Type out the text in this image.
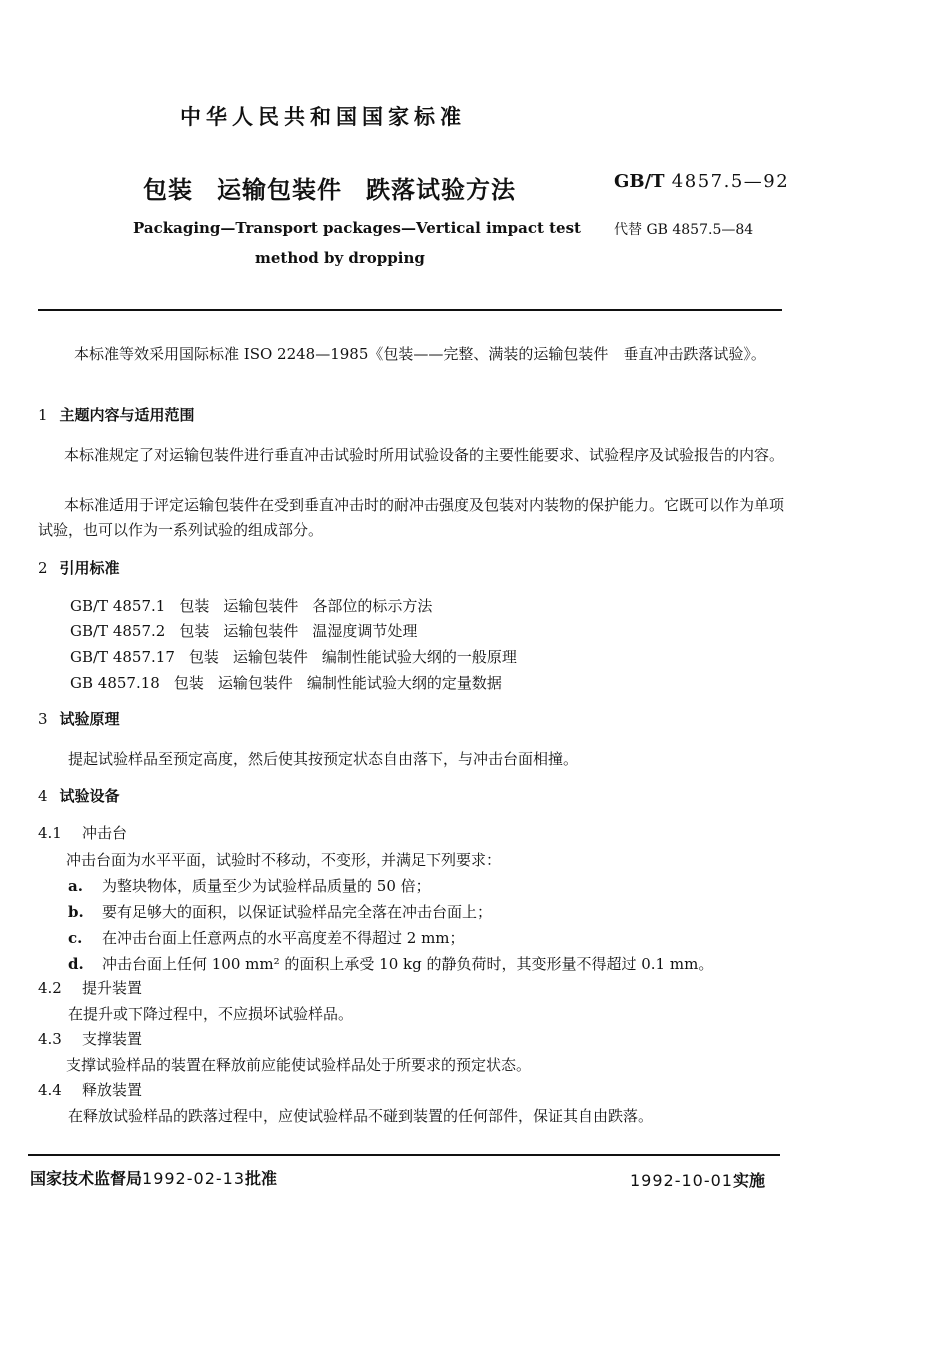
中华人民共和国国家标准
包装 运输包装件 跌落试验方法	GB/T 4857.5—92
Packaging—Transport packages—Vertical impact test
method by dropping
代替 GB 4857.5—84
本标准等效采用国际标准 ISO 2248—1985《包装——完整、满装的运输包装件　垂直冲击跌落试验》。
1 主题内容与适用范围
本标准规定了对运输包装件进行垂直冲击试验时所用试验设备的主要性能要求、试验程序及试验报告的内容。
本标准适用于评定运输包装件在受到垂直冲击时的耐冲击强度及包装对内装物的保护能力。它既可以作为单项试验，也可以作为一系列试验的组成部分。
2 引用标准
GB/T 4857.1 包装 运输包装件 各部位的标示方法
GB/T 4857.2 包装 运输包装件 温湿度调节处理
GB/T 4857.17 包装 运输包装件 编制性能试验大纲的一般原理
GB 4857.18 包装 运输包装件 编制性能试验大纲的定量数据
3 试验原理
提起试验样品至预定高度，然后使其按预定状态自由落下，与冲击台面相撞。
4 试验设备
4.1 冲击台
冲击台面为水平平面，试验时不移动，不变形，并满足下列要求：
a. 为整块物体，质量至少为试验样品质量的 50 倍；
b. 要有足够大的面积，以保证试验样品完全落在冲击台面上；
c. 在冲击台面上任意两点的水平高度差不得超过 2 mm；
d. 冲击台面上任何 100 mm² 的面积上承受 10 kg 的静负荷时，其变形量不得超过 0.1 mm。
4.2 提升装置
在提升或下降过程中，不应损坏试验样品。
4.3 支撑装置
支撑试验样品的装置在释放前应能使试验样品处于所要求的预定状态。
4.4 释放装置
在释放试验样品的跌落过程中，应使试验样品不碰到装置的任何部件，保证其自由跌落。
国家技术监督局1992-02-13批准	1992-10-01实施
